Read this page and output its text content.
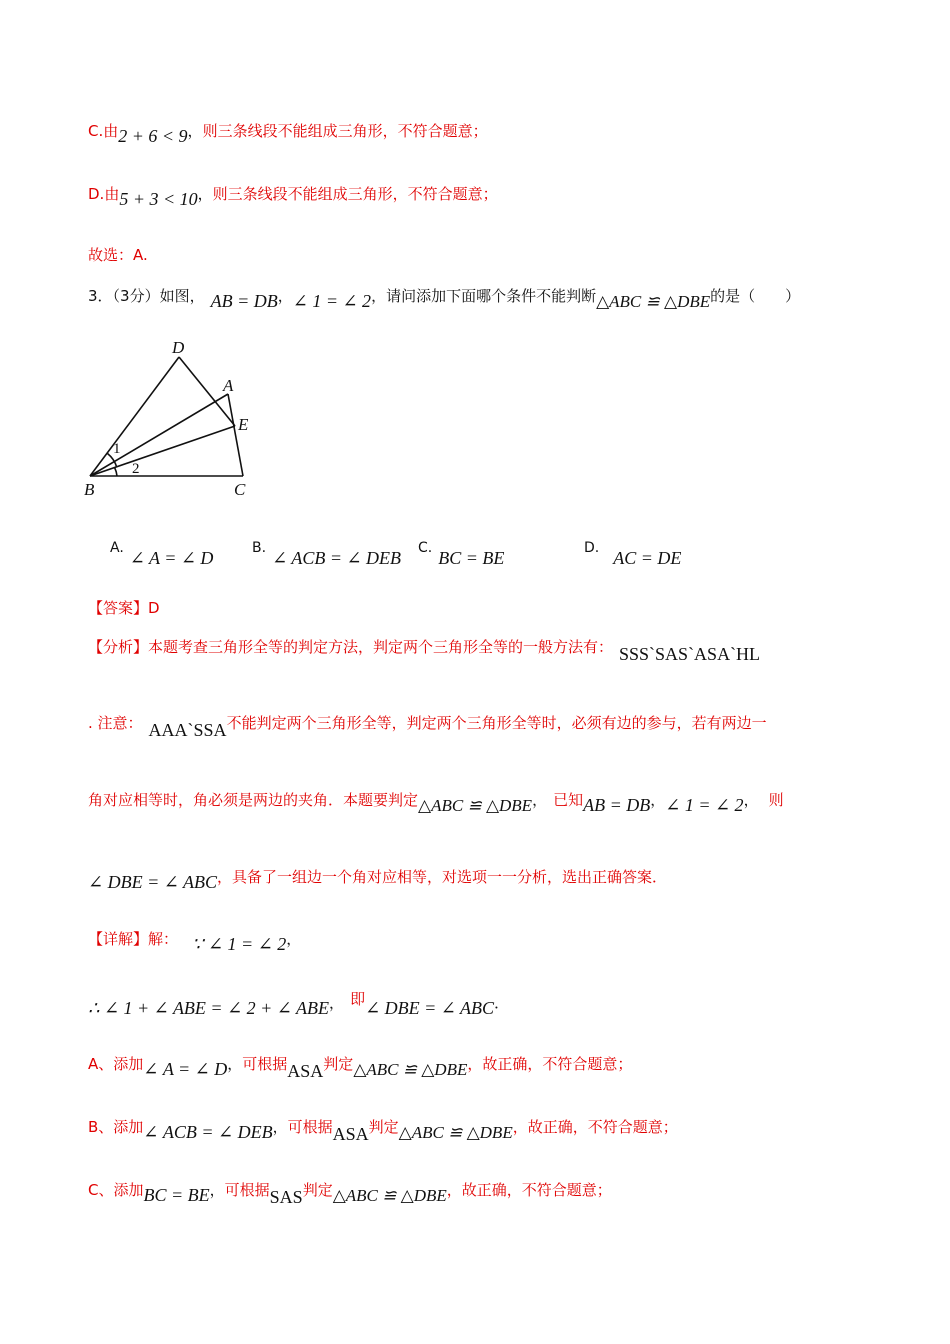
C.由2 + 6 < 9，则三条线段不能组成三角形，不符合题意；
D.由5 + 3 < 10，则三条线段不能组成三角形，不符合题意；
故选：A.
3．（3分）如图， AB = DB，∠ 1 = ∠ 2，请问添加下面哪个条件不能判断△ABC ≌ △DBE的是（　　）
D
A
E
B	C
1
2
A. ∠ A = ∠ D	B. ∠ ACB = ∠ DEB C. BC = BE	D. AC = DE
【答案】D
【分析】本题考查三角形全等的判定方法，判定两个三角形全等的一般方法有： SSS`SAS`ASA`HL
. 注意： AAA`SSA不能判定两个三角形全等，判定两个三角形全等时，必须有边的参与，若有两边一
角对应相等时，角必须是两边的夹角．本题要判定△ABC ≌ △DBE， 已知AB = DB，∠ 1 = ∠ 2， 则
∠ DBE = ∠ ABC，具备了一组边一个角对应相等，对选项一一分析，选出正确答案．
【详解】解： ∵ ∠ 1 = ∠ 2，
∴ ∠ 1 + ∠ ABE = ∠ 2 + ∠ ABE， 即∠ DBE = ∠ ABC．
A、添加∠ A = ∠ D，可根据ASA判定△ABC ≌ △DBE，故正确，不符合题意；
B、添加∠ ACB = ∠ DEB，可根据ASA判定△ABC ≌ △DBE，故正确，不符合题意；
C、添加BC = BE，可根据SAS判定△ABC ≌ △DBE，故正确，不符合题意；
